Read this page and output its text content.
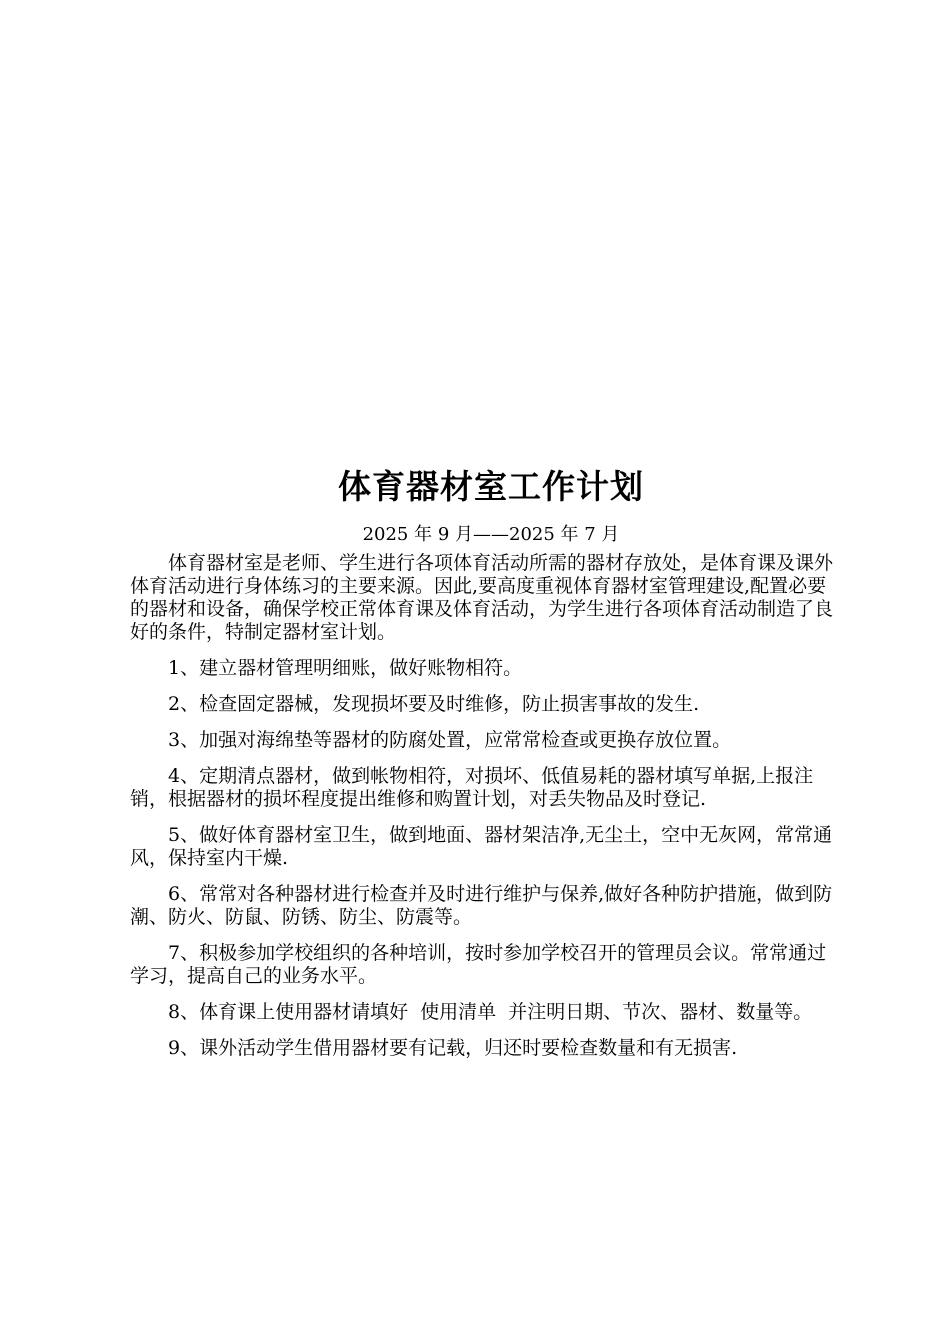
体育器材室工作计划
2025 年 9 月——2025 年 7 月

体育器材室是老师、学生进行各项体育活动所需的器材存放处，是体育课及课外体育活动进行身体练习的主要来源。因此,要高度重视体育器材室管理建设,配置必要的器材和设备，确保学校正常体育课及体育活动，为学生进行各项体育活动制造了良好的条件，特制定器材室计划。

1、建立器材管理明细账，做好账物相符。

2、检查固定器械，发现损坏要及时维修，防止损害事故的发生.

3、加强对海绵垫等器材的防腐处置，应常常检查或更换存放位置。

4、定期清点器材，做到帐物相符，对损坏、低值易耗的器材填写单据,上报注销，根据器材的损坏程度提出维修和购置计划，对丢失物品及时登记.

5、做好体育器材室卫生，做到地面、器材架洁净,无尘土，空中无灰网，常常通风，保持室内干燥.

6、常常对各种器材进行检查并及时进行维护与保养,做好各种防护措施，做到防潮、防火、防鼠、防锈、防尘、防震等。

7、积极参加学校组织的各种培训，按时参加学校召开的管理员会议。常常通过学习，提高自己的业务水平。

8、体育课上使用器材请填好  使用清单  并注明日期、节次、器材、数量等。

9、课外活动学生借用器材要有记载，归还时要检查数量和有无损害.
